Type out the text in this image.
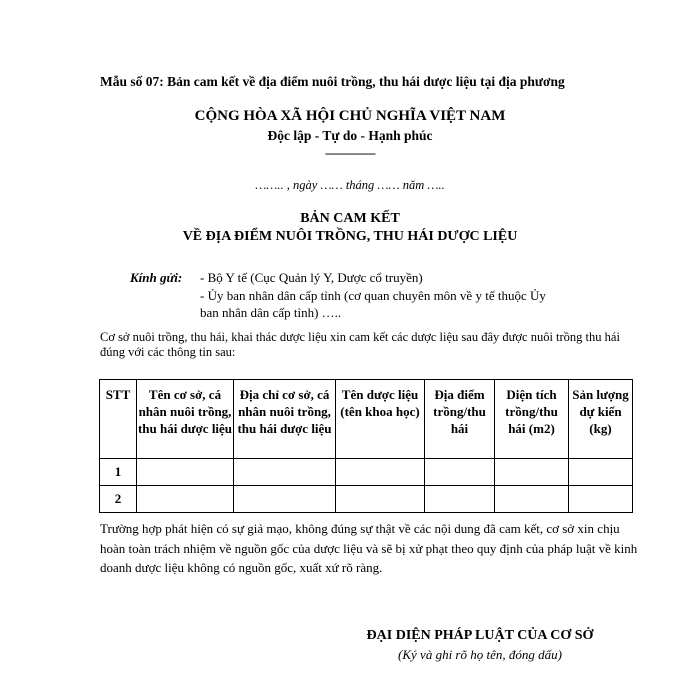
Mẫu số 07: Bản cam kết về địa điểm nuôi trồng, thu hái dược liệu tại địa phương
CỘNG HÒA XÃ HỘI CHỦ NGHĨA VIỆT NAM
Độc lập - Tự do - Hạnh phúc
---------------
…….. , ngày …… tháng …… năm …..
BẢN CAM KẾT
VỀ ĐỊA ĐIỂM NUÔI TRỒNG, THU HÁI DƯỢC LIỆU
Kính gửi: - Bộ Y tế (Cục Quản lý Y, Dược cổ truyền)
- Ủy ban nhân dân cấp tỉnh (cơ quan chuyên môn về y tế thuộc Ủy
ban nhân dân cấp tỉnh) …..
Cơ sở nuôi trồng, thu hái, khai thác dược liệu xin cam kết các dược liệu sau đây được nuôi trồng thu hái đúng với các thông tin sau:
STT	Tên cơ sở, cá nhân nuôi trồng, thu hái dược liệu	Địa chỉ cơ sở, cá nhân nuôi trồng, thu hái dược liệu	Tên dược liệu (tên khoa học)	Địa điểm trồng/thu hái	Diện tích trồng/thu hái (m2)	Sản lượng dự kiến (kg)
1						
2						
Trường hợp phát hiện có sự giả mạo, không đúng sự thật về các nội dung đã cam kết, cơ sở xin chịu hoàn toàn trách nhiệm về nguồn gốc của dược liệu và sẽ bị xử phạt theo quy định của pháp luật về kinh doanh dược liệu không có nguồn gốc, xuất xứ rõ ràng.
ĐẠI DIỆN PHÁP LUẬT CỦA CƠ SỞ
(Ký và ghi rõ họ tên, đóng dấu)
